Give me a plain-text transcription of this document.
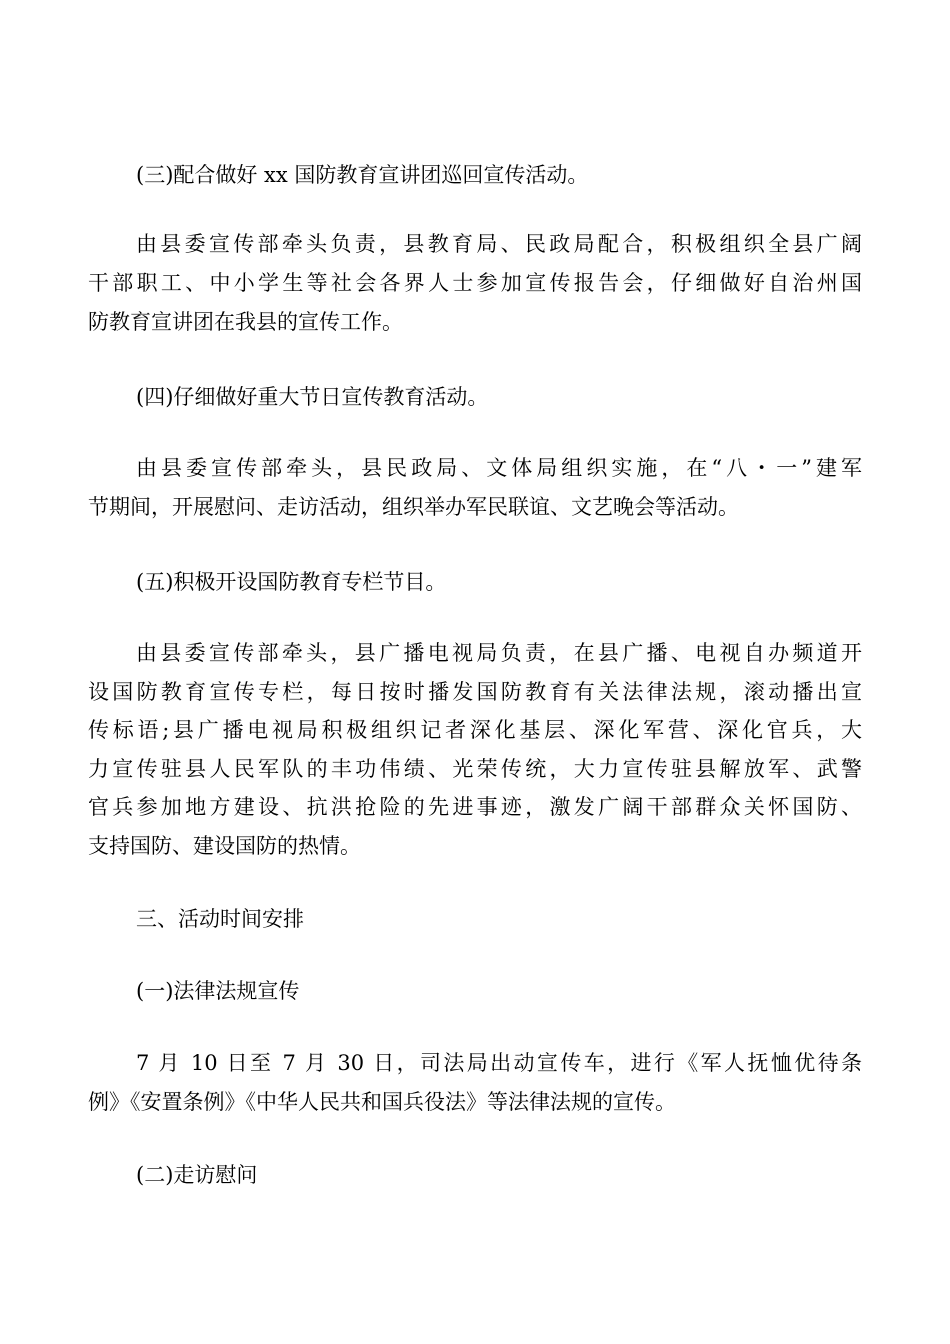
(三)配合做好 xx 国防教育宣讲团巡回宣传活动。
由县委宣传部牵头负责，县教育局、民政局配合，积极组织全县广阔
干部职工、中小学生等社会各界人士参加宣传报告会，仔细做好自治州国
防教育宣讲团在我县的宣传工作。
(四)仔细做好重大节日宣传教育活动。
由县委宣传部牵头，县民政局、文体局组织实施，在“八・一”建军
节期间，开展慰问、走访活动，组织举办军民联谊、文艺晚会等活动。
(五)积极开设国防教育专栏节目。
由县委宣传部牵头，县广播电视局负责，在县广播、电视自办频道开
设国防教育宣传专栏，每日按时播发国防教育有关法律法规，滚动播出宣
传标语;县广播电视局积极组织记者深化基层、深化军营、深化官兵，大
力宣传驻县人民军队的丰功伟绩、光荣传统，大力宣传驻县解放军、武警
官兵参加地方建设、抗洪抢险的先进事迹，激发广阔干部群众关怀国防、
支持国防、建设国防的热情。
三、活动时间安排
(一)法律法规宣传
7 月 10 日至 7 月 30 日，司法局出动宣传车，进行《军人抚恤优待条
例》《安置条例》《中华人民共和国兵役法》等法律法规的宣传。
(二)走访慰问
